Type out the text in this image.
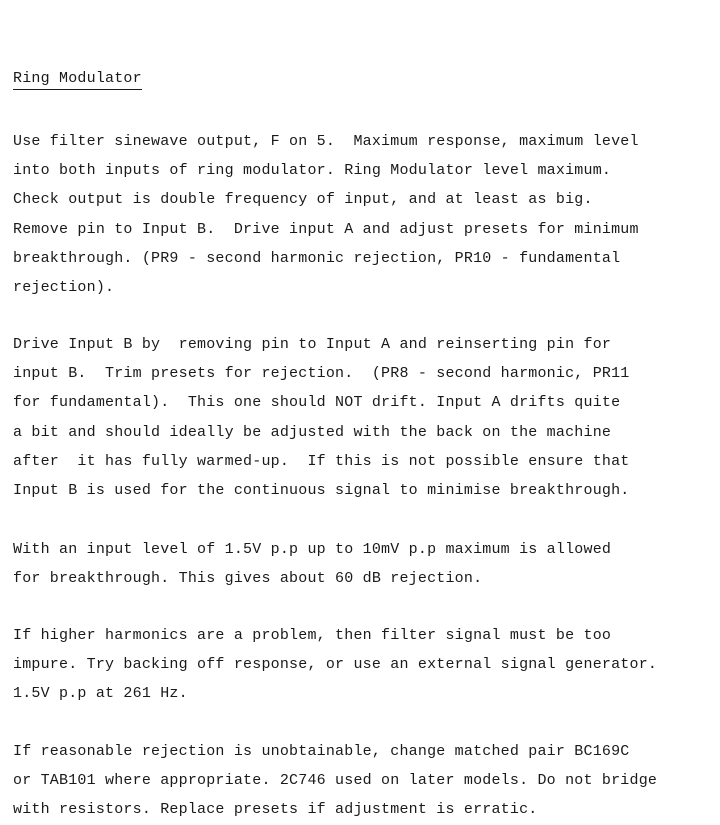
Ring Modulator
Use filter sinewave output, F on 5.  Maximum response, maximum level
into both inputs of ring modulator. Ring Modulator level maximum.
Check output is double frequency of input, and at least as big.
Remove pin to Input B.  Drive input A and adjust presets for minimum
breakthrough. (PR9 - second harmonic rejection, PR10 - fundamental
rejection).
Drive Input B by  removing pin to Input A and reinserting pin for
input B.  Trim presets for rejection.  (PR8 - second harmonic, PR11
for fundamental).  This one should NOT drift. Input A drifts quite
a bit and should ideally be adjusted with the back on the machine
after  it has fully warmed-up.  If this is not possible ensure that
Input B is used for the continuous signal to minimise breakthrough.
With an input level of 1.5V p.p up to 10mV p.p maximum is allowed
for breakthrough. This gives about 60 dB rejection.
If higher harmonics are a problem, then filter signal must be too
impure. Try backing off response, or use an external signal generator.
1.5V p.p at 261 Hz.
If reasonable rejection is unobtainable, change matched pair BC169C
or TAB101 where appropriate. 2C746 used on later models. Do not bridge
with resistors. Replace presets if adjustment is erratic.
